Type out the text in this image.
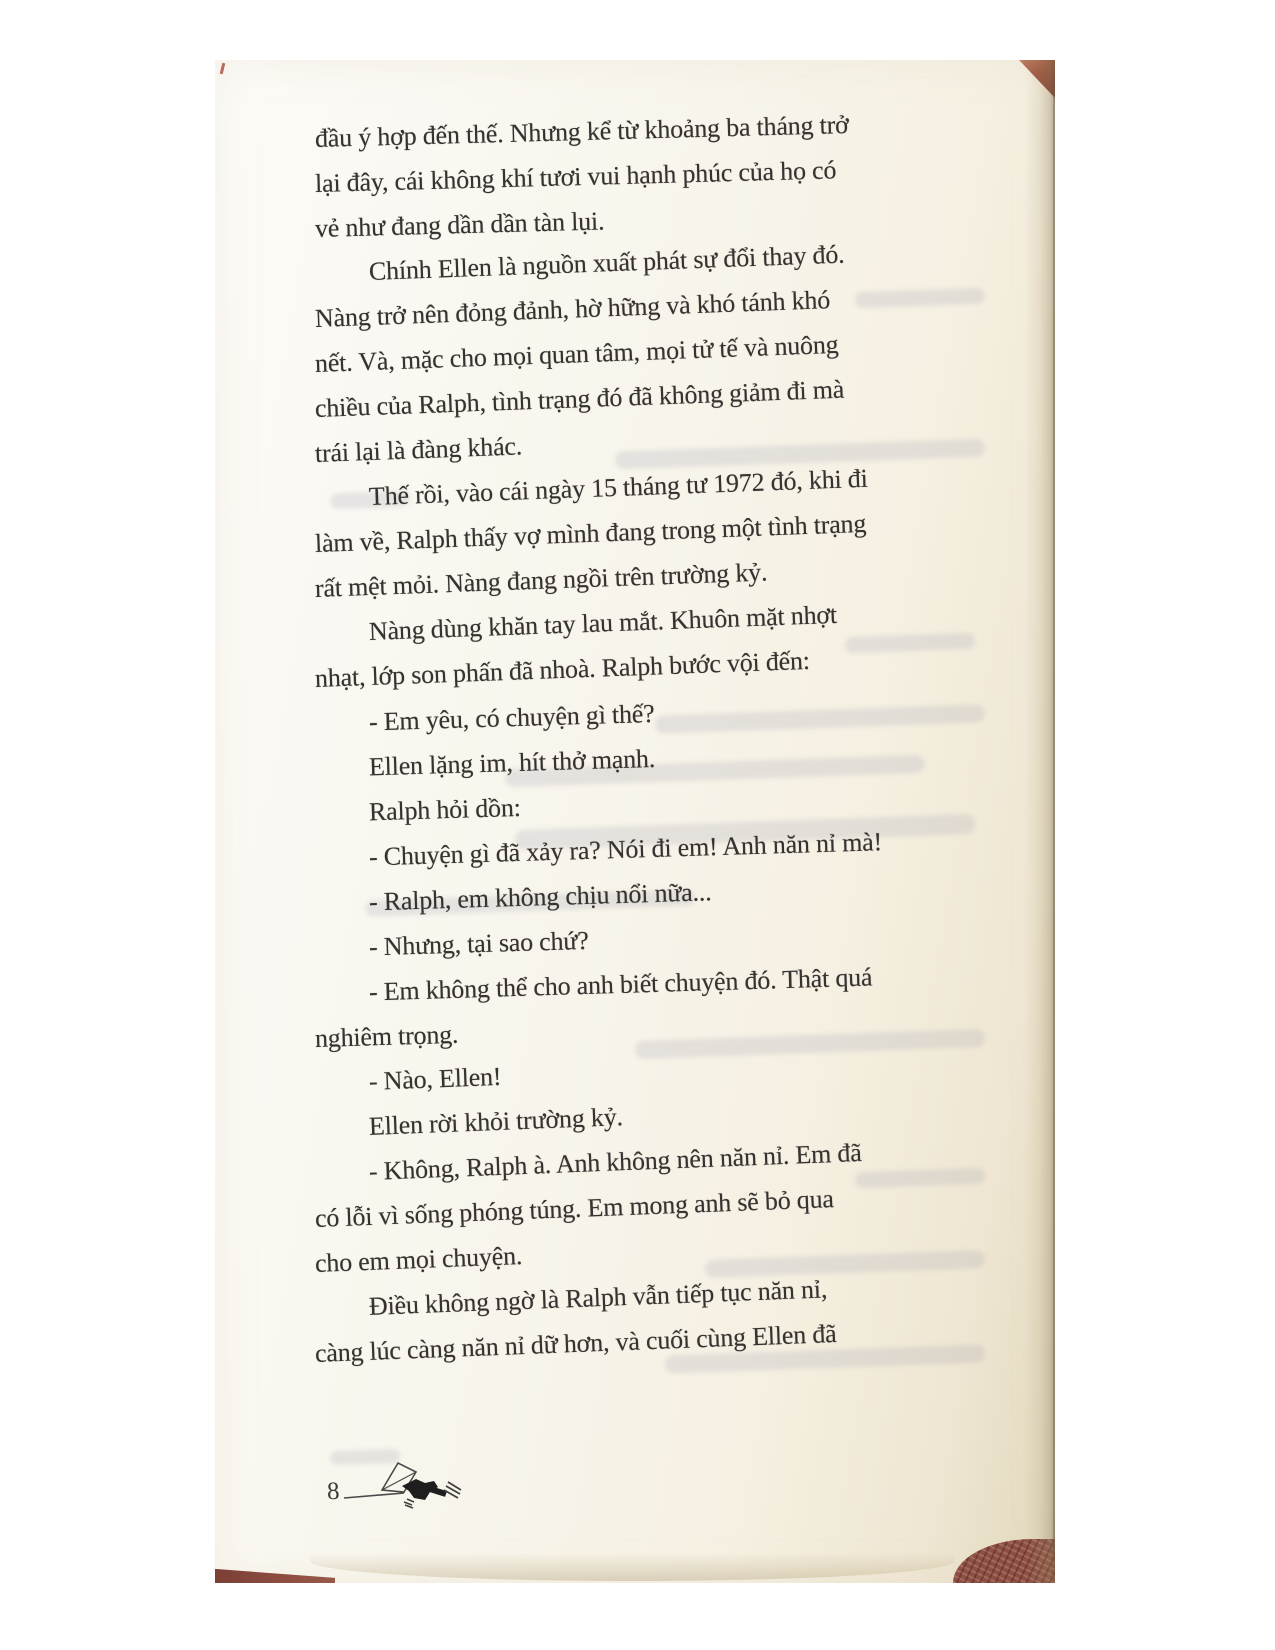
đầu ý hợp đến thế. Nhưng kể từ khoảng ba tháng trở
lại đây, cái không khí tươi vui hạnh phúc của họ có
vẻ như đang dần dần tàn lụi.
Chính Ellen là nguồn xuất phát sự đổi thay đó.
Nàng trở nên đỏng đảnh, hờ hững và khó tánh khó
nết. Và, mặc cho mọi quan tâm, mọi tử tế và nuông
chiều của Ralph, tình trạng đó đã không giảm đi mà
trái lại là đàng khác.
Thế rồi, vào cái ngày 15 tháng tư 1972 đó, khi đi
làm về, Ralph thấy vợ mình đang trong một tình trạng
rất mệt mỏi. Nàng đang ngồi trên trường kỷ.
Nàng dùng khăn tay lau mắt. Khuôn mặt nhợt
nhạt, lớp son phấn đã nhoà. Ralph bước vội đến:
- Em yêu, có chuyện gì thế?
Ellen lặng im, hít thở mạnh.
Ralph hỏi dồn:
- Chuyện gì đã xảy ra? Nói đi em! Anh năn nỉ mà!
- Ralph, em không chịu nổi nữa...
- Nhưng, tại sao chứ?
- Em không thể cho anh biết chuyện đó. Thật quá
nghiêm trọng.
- Nào, Ellen!
Ellen rời khỏi trường kỷ.
- Không, Ralph à. Anh không nên năn nỉ. Em đã
có lỗi vì sống phóng túng. Em mong anh sẽ bỏ qua
cho em mọi chuyện.
Điều không ngờ là Ralph vẫn tiếp tục năn nỉ,
càng lúc càng năn nỉ dữ hơn, và cuối cùng Ellen đã
8
